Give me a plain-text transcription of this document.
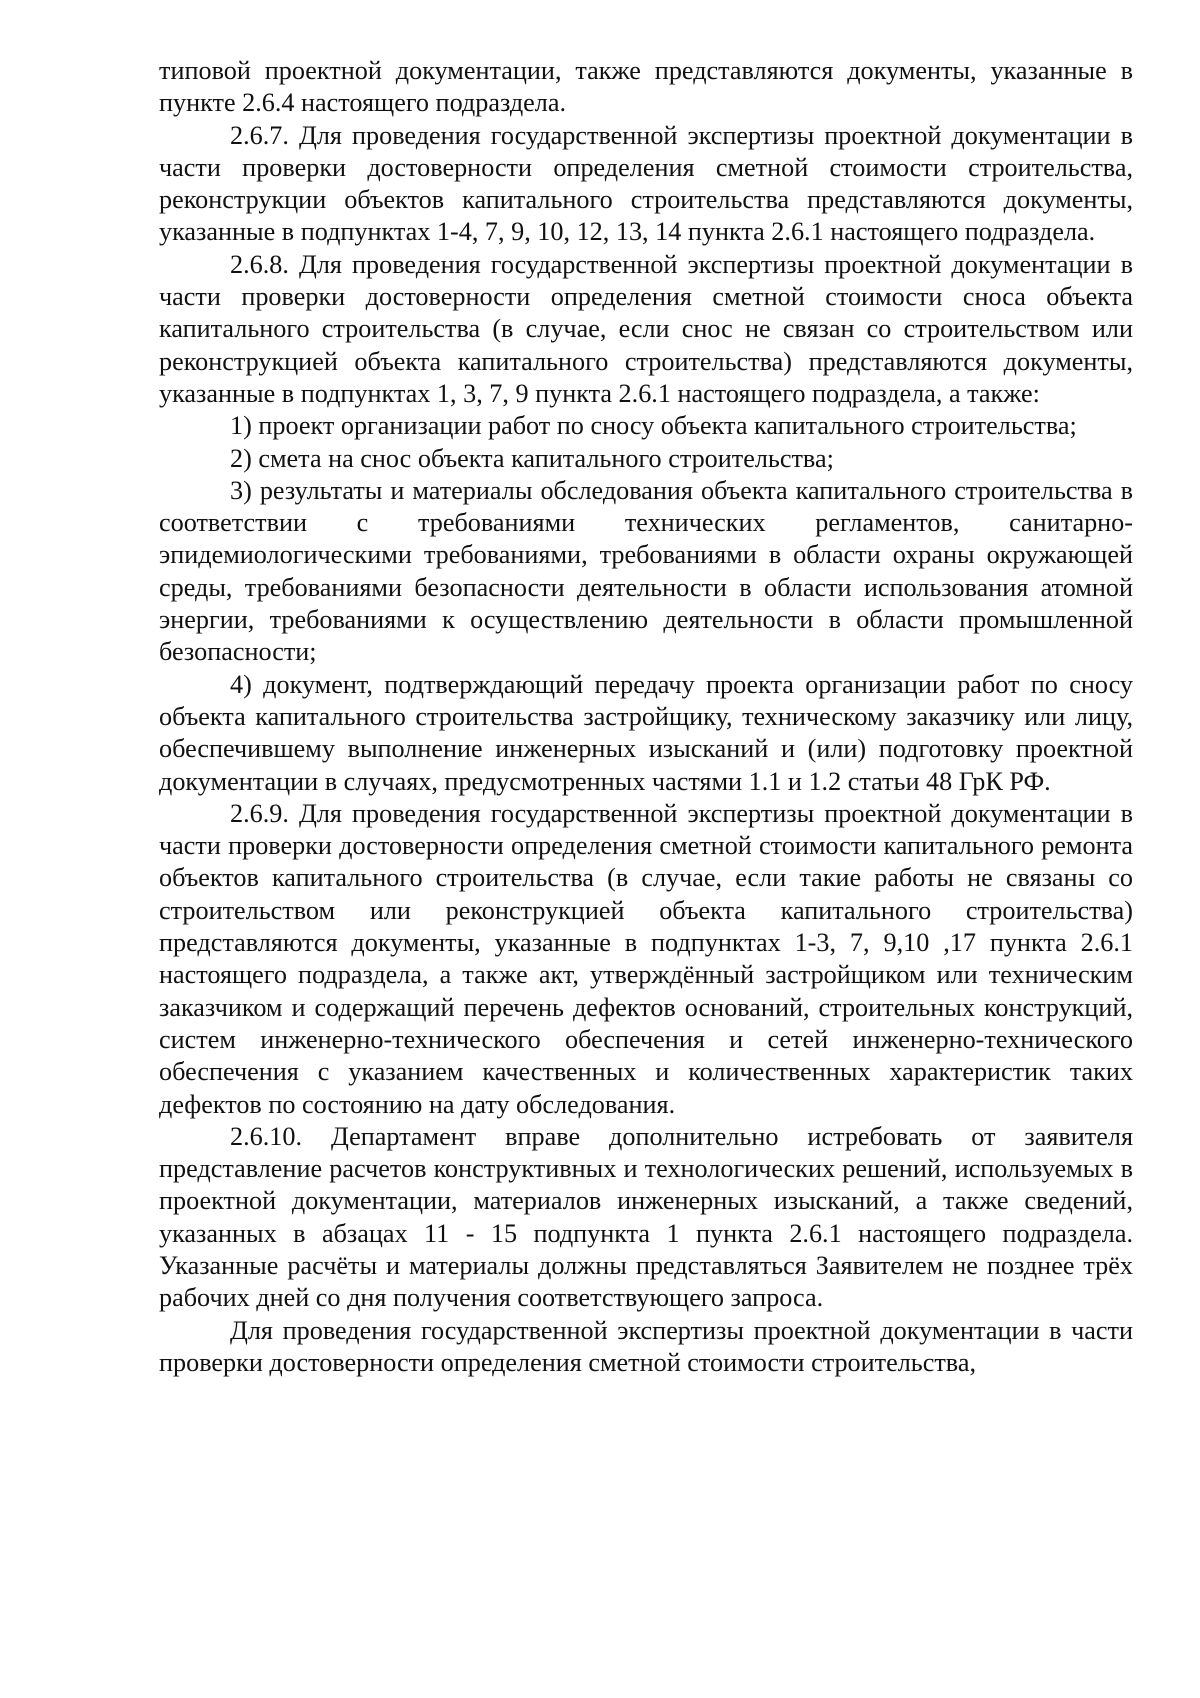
типовой проектной документации, также представляются документы, указанные в пункте 2.6.4 настоящего подраздела.

2.6.7. Для проведения государственной экспертизы проектной документации в части проверки достоверности определения сметной стоимости строительства, реконструкции объектов капитального строительства представляются документы, указанные в подпунктах 1-4, 7, 9, 10, 12, 13, 14 пункта 2.6.1 настоящего подраздела.

2.6.8. Для проведения государственной экспертизы проектной документации в части проверки достоверности определения сметной стоимости сноса объекта капитального строительства (в случае, если снос не связан со строительством или реконструкцией объекта капитального строительства) представляются документы, указанные в подпунктах 1, 3, 7, 9 пункта 2.6.1 настоящего подраздела, а также:

1) проект организации работ по сносу объекта капитального строительства;

2) смета на снос объекта капитального строительства;

3) результаты и материалы обследования объекта капитального строительства в соответствии с требованиями технических регламентов, санитарно-эпидемиологическими требованиями, требованиями в области охраны окружающей среды, требованиями безопасности деятельности в области использования атомной энергии, требованиями к осуществлению деятельности в области промышленной безопасности;

4) документ, подтверждающий передачу проекта организации работ по сносу объекта капитального строительства застройщику, техническому заказчику или лицу, обеспечившему выполнение инженерных изысканий и (или) подготовку проектной документации в случаях, предусмотренных частями 1.1 и 1.2 статьи 48 ГрК РФ.

2.6.9. Для проведения государственной экспертизы проектной документации в части проверки достоверности определения сметной стоимости капитального ремонта объектов капитального строительства (в случае, если такие работы не связаны со строительством или реконструкцией объекта капитального строительства) представляются документы, указанные в подпунктах 1-3, 7, 9,10 ,17 пункта 2.6.1 настоящего подраздела, а также акт, утверждённый застройщиком или техническим заказчиком и содержащий перечень дефектов оснований, строительных конструкций, систем инженерно-технического обеспечения и сетей инженерно-технического обеспечения с указанием качественных и количественных характеристик таких дефектов по состоянию на дату обследования.

2.6.10. Департамент вправе дополнительно истребовать от заявителя представление расчетов конструктивных и технологических решений, используемых в проектной документации, материалов инженерных изысканий, а также сведений, указанных в абзацах 11 - 15 подпункта 1 пункта 2.6.1 настоящего подраздела. Указанные расчёты и материалы должны представляться Заявителем не позднее трёх рабочих дней со дня получения соответствующего запроса.

Для проведения государственной экспертизы проектной документации в части проверки достоверности определения сметной стоимости строительства,
